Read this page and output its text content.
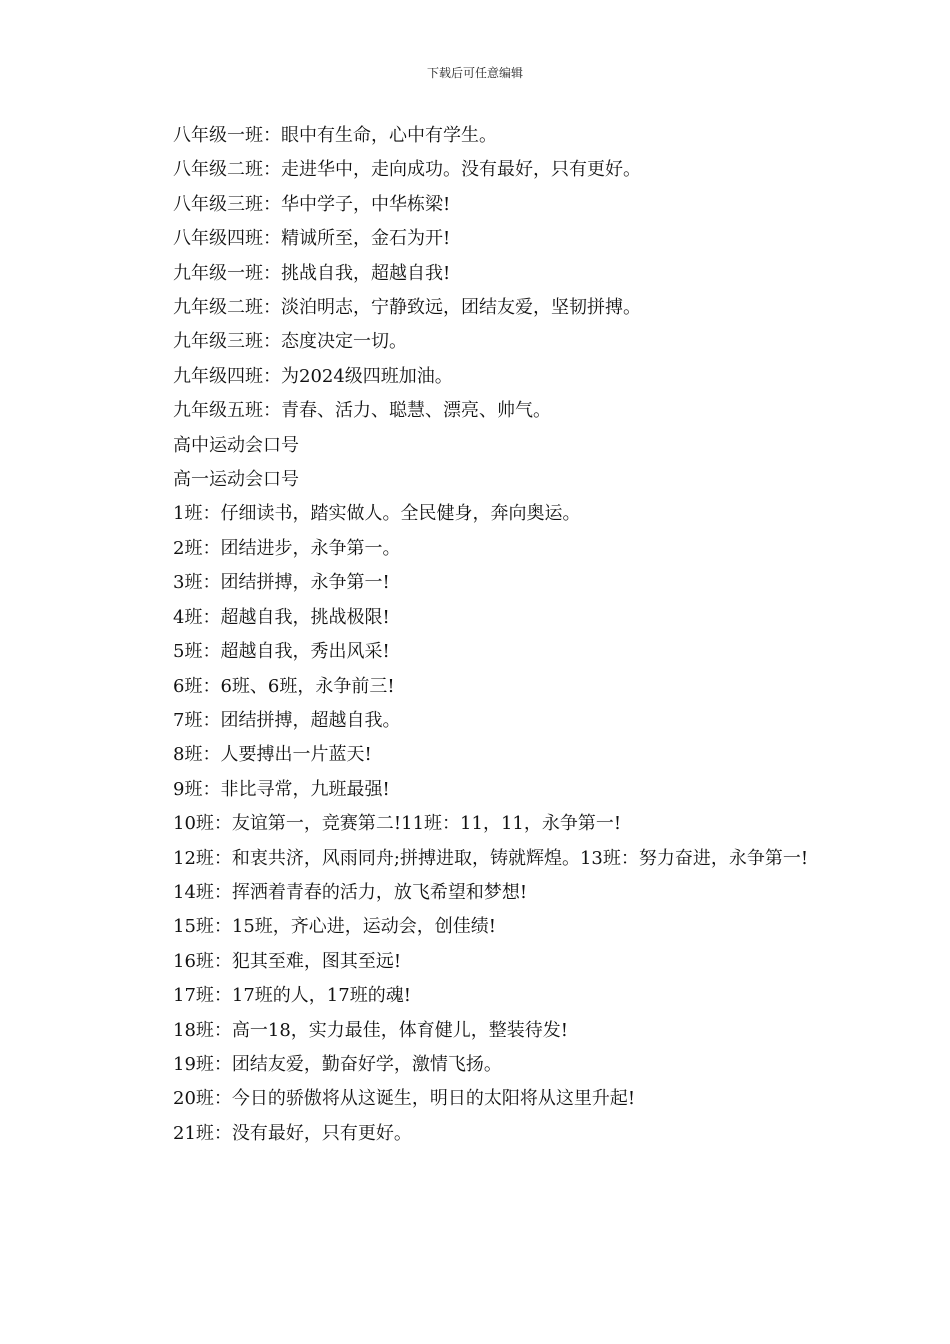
下载后可任意编辑

八年级一班：眼中有生命，心中有学生。

八年级二班：走进华中，走向成功。没有最好，只有更好。

八年级三班：华中学子，中华栋梁!

八年级四班：精诚所至，金石为开!

九年级一班：挑战自我，超越自我!

九年级二班：淡泊明志，宁静致远，团结友爱，坚韧拼搏。

九年级三班：态度决定一切。

九年级四班：为2024级四班加油。

九年级五班：青春、活力、聪慧、漂亮、帅气。

高中运动会口号

高一运动会口号

1班：仔细读书，踏实做人。全民健身，奔向奥运。

2班：团结进步，永争第一。

3班：团结拼搏，永争第一!

4班：超越自我，挑战极限!

5班：超越自我，秀出风采!

6班：6班、6班，永争前三!

7班：团结拼搏，超越自我。

8班：人要搏出一片蓝天!

9班：非比寻常，九班最强!

10班：友谊第一，竞赛第二!11班：11，11，永争第一!

12班：和衷共济，风雨同舟;拼搏进取，铸就辉煌。13班：努力奋进，永争第一!

14班：挥洒着青春的活力，放飞希望和梦想!

15班：15班，齐心进，运动会，创佳绩!

16班：犯其至难，图其至远!

17班：17班的人，17班的魂!

18班：高一18，实力最佳，体育健儿，整装待发!

19班：团结友爱，勤奋好学，激情飞扬。

20班：今日的骄傲将从这诞生，明日的太阳将从这里升起!

21班：没有最好，只有更好。
